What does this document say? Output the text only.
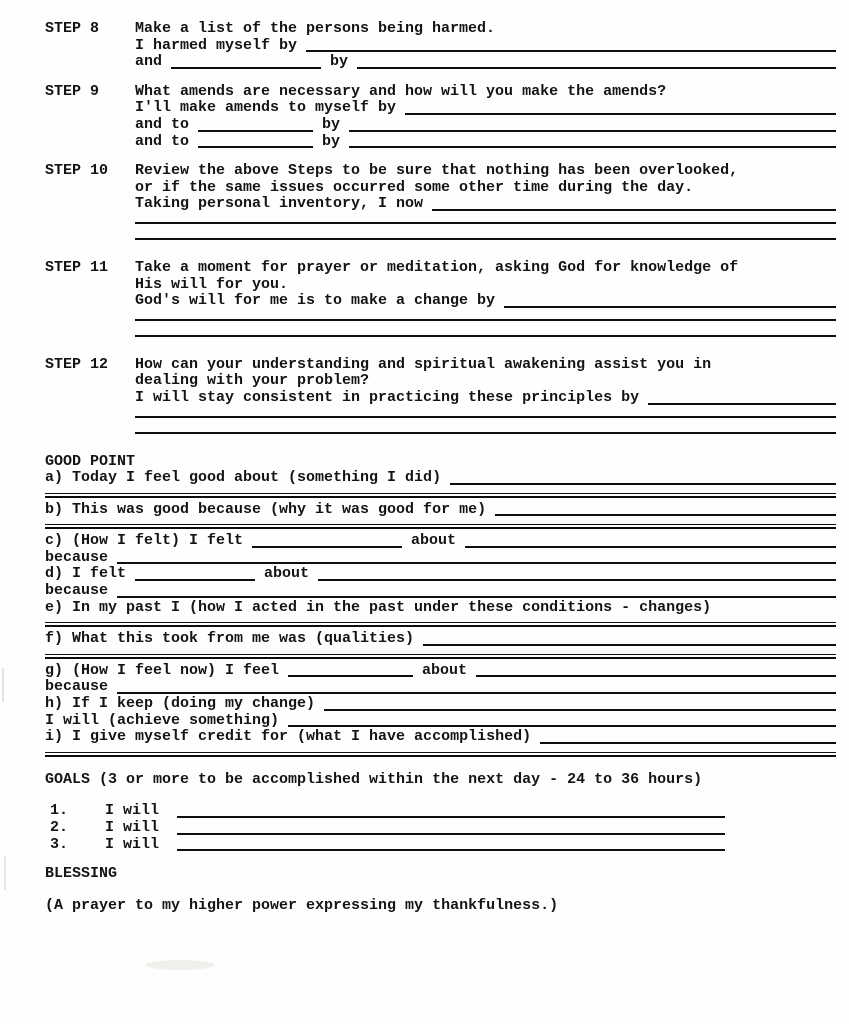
STEP 8	Make a list of the persons being harmed.
I harmed myself by
and	by
STEP 9	What amends are necessary and how will you make the amends?
I'll make amends to myself by
and to	by
and to	by
STEP 10	Review the above Steps to be sure that nothing has been overlooked,
or if the same issues occurred some other time during the day.
Taking personal inventory, I now
STEP 11	Take a moment for prayer or meditation, asking God for knowledge of
His will for you.
God's will for me is to make a change by
STEP 12	How can your understanding and spiritual awakening assist you in
dealing with your problem?
I will stay consistent in practicing these principles by
GOOD POINT
a) Today I feel good about (something I did)
b) This was good because (why it was good for me)
c) (How I felt) I felt	about
because
d) I felt	about
because
e) In my past I (how I acted in the past under these conditions - changes)
f) What this took from me was (qualities)
g) (How I feel now) I feel	about
because
h) If I keep (doing my change)
I will (achieve something)
i) I give myself credit for (what I have accomplished)
GOALS (3 or more to be accomplished within the next day - 24 to 36 hours)
1.	I will
2.	I will
3.	I will
BLESSING
(A prayer to my higher power expressing my thankfulness.)
